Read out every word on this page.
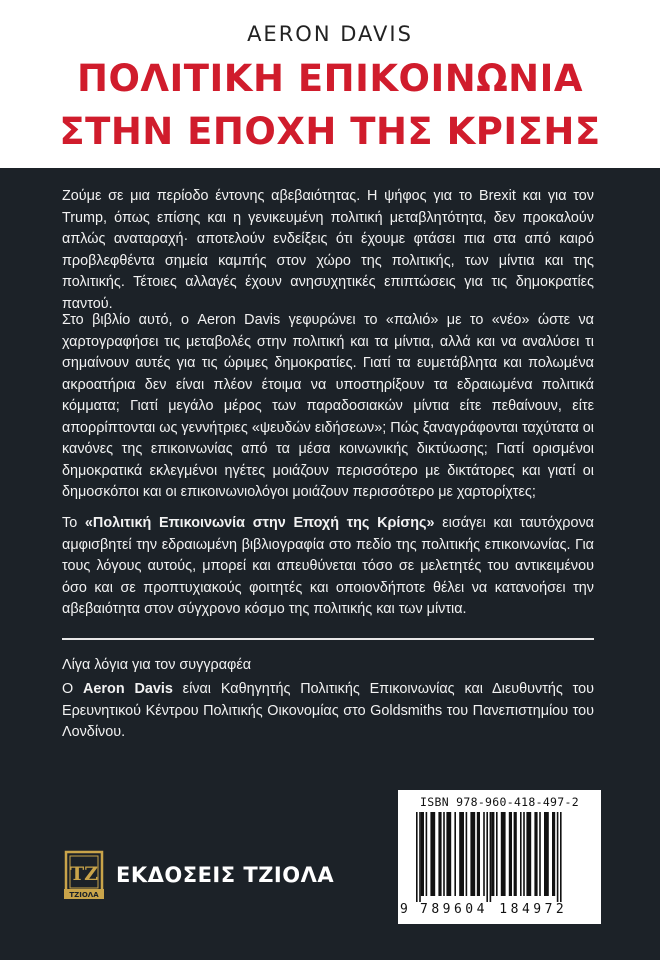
AERON DAVIS
ΠΟΛΙΤΙΚΗ ΕΠΙΚΟΙΝΩΝΙΑ
ΣΤΗΝ ΕΠΟΧΗ ΤΗΣ ΚΡΙΣΗΣ

Ζούμε σε μια περίοδο έντονης αβεβαιότητας. Η ψήφος για το Brexit και για τον Trump, όπως επίσης και η γενικευμένη πολιτική μεταβλητότητα, δεν προκαλούν απλώς αναταραχή· αποτελούν ενδείξεις ότι έχουμε φτάσει πια στα από καιρό προβλεφθέντα σημεία καμπής στον χώρο της πολιτικής, των μίντια και της πολιτικής. Τέτοιες αλλαγές έχουν ανησυχητικές επιπτώσεις για τις δημοκρατίες παντού.

Στο βιβλίο αυτό, ο Aeron Davis γεφυρώνει το «παλιό» με το «νέο» ώστε να χαρτογραφήσει τις μεταβολές στην πολιτική και τα μίντια, αλλά και να αναλύσει τι σημαίνουν αυτές για τις ώριμες δημοκρατίες. Γιατί τα ευμετάβλητα και πολωμένα ακροατήρια δεν είναι πλέον έτοιμα να υποστηρίξουν τα εδραιωμένα πολιτικά κόμματα; Γιατί μεγάλο μέρος των παραδοσιακών μίντια είτε πεθαίνουν, είτε απορρίπτονται ως γεννήτριες «ψευδών ειδήσεων»; Πώς ξαναγράφονται ταχύτατα οι κανόνες της επικοινωνίας από τα μέσα κοινωνικής δικτύωσης; Γιατί ορισμένοι δημοκρατικά εκλεγμένοι ηγέτες μοιάζουν περισσότερο με δικτάτορες και γιατί οι δημοσκόποι και οι επικοινωνιολόγοι μοιάζουν περισσότερο με χαρτορίχτες;

Το «Πολιτική Επικοινωνία στην Εποχή της Κρίσης» εισάγει και ταυτόχρονα αμφισβητεί την εδραιωμένη βιβλιογραφία στο πεδίο της πολιτικής επικοινωνίας. Για τους λόγους αυτούς, μπορεί και απευθύνεται τόσο σε μελετητές του αντικειμένου όσο και σε προπτυχιακούς φοιτητές και οποιονδήποτε θέλει να κατανοήσει την αβεβαιότητα στον σύγχρονο κόσμο της πολιτικής και των μίντια.

Λίγα λόγια για τον συγγραφέα

Ο Aeron Davis είναι Καθηγητής Πολιτικής Επικοινωνίας και Διευθυντής του Ερευνητικού Κέντρου Πολιτικής Οικονομίας στο Goldsmiths του Πανεπιστημίου του Λονδίνου.

ΤΖ
ΤΖΙΟΛΑ
ΕΚΔΟΣΕΙΣ ΤΖΙΟΛΑ
ISBN 978-960-418-497-2
9 789604 184972
